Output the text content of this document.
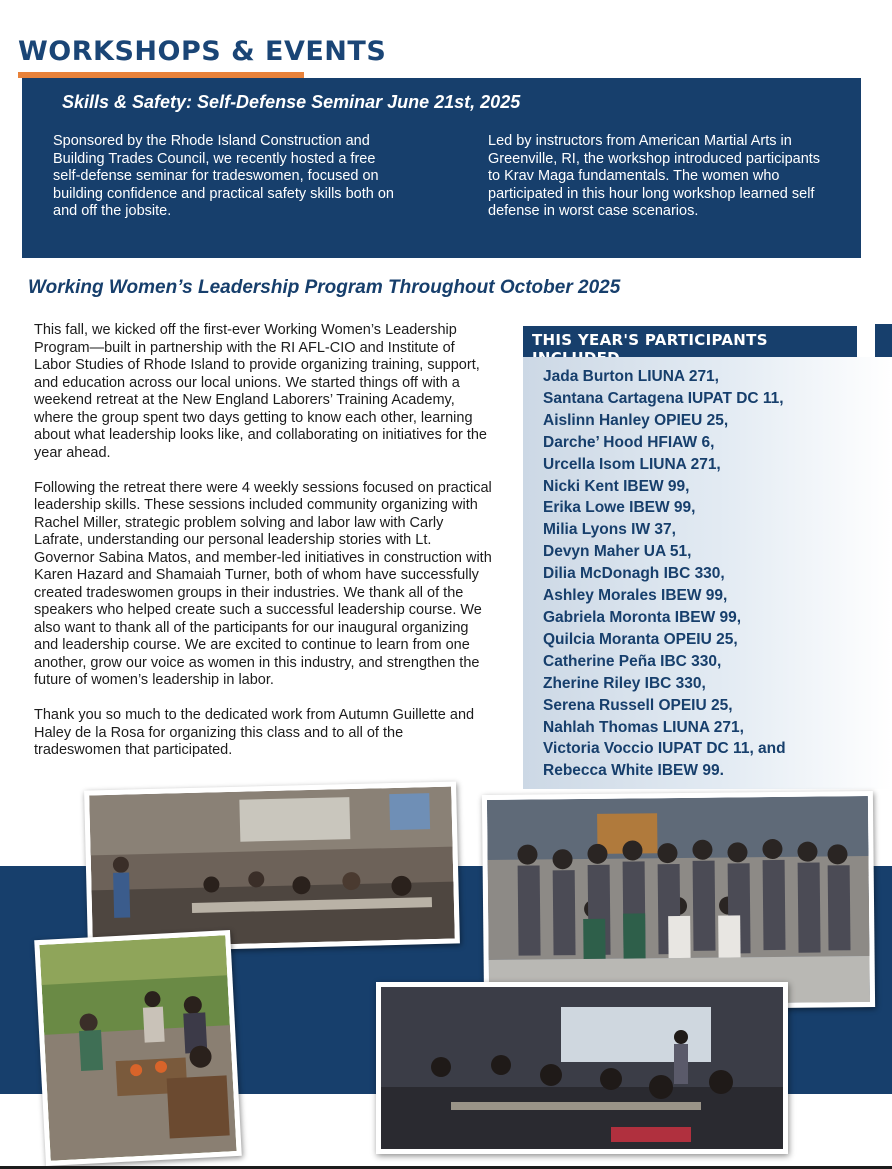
WORKSHOPS & EVENTS
Skills & Safety: Self-Defense Seminar June 21st, 2025
Sponsored by the Rhode Island Construction and Building Trades Council, we recently hosted a free self-defense seminar for tradeswomen, focused on building confidence and practical safety skills both on and off the jobsite.
Led by instructors from American Martial Arts in Greenville, RI, the workshop introduced participants to Krav Maga fundamentals. The women who participated in this hour long workshop learned self defense in worst case scenarios.
Working Women’s Leadership Program Throughout October 2025

This fall, we kicked off the first-ever Working Women’s Leadership Program—built in partnership with the RI AFL-CIO and Institute of Labor Studies of Rhode Island to provide organizing training, support, and education across our local unions. We started things off with a weekend retreat at the New England Laborers’ Training Academy, where the group spent two days getting to know each other, learning about what leadership looks like, and collaborating on initiatives for the year ahead.

Following the retreat there were 4 weekly sessions focused on practical leadership skills. These sessions included community organizing with Rachel Miller, strategic problem solving and labor law with Carly Lafrate, understanding our personal leadership stories with Lt. Governor Sabina Matos, and member-led initiatives in construction with Karen Hazard and Shamaiah Turner, both of whom have successfully created tradeswomen groups in their industries. We thank all of the speakers who helped create such a successful leadership course. We also want to thank all of the participants for our inaugural organizing and leadership course. We are excited to continue to learn from one another, grow our voice as women in this industry, and strengthen the future of women’s leadership in labor.

Thank you so much to the dedicated work from Autumn Guillette and Haley de la Rosa for organizing this class and to all of the tradeswomen that participated.

THIS YEAR'S PARTICIPANTS
Jada Burton LIUNA 271,
Santana Cartagena IUPAT DC 11,
Aislinn Hanley OPIEU 25,
Darche’ Hood HFIAW 6,
Urcella Isom LIUNA 271,
Nicki Kent IBEW 99,
Erika Lowe IBEW 99,
Milia Lyons IW 37,
Devyn Maher UA 51,
Dilia McDonagh IBC 330,
Ashley Morales IBEW 99,
Gabriela Moronta IBEW 99,
Quilcia Moranta OPEIU 25,
Catherine Peña IBC 330,
Zherine Riley IBC 330,
Serena Russell OPEIU 25,
Nahlah Thomas LIUNA 271,
Victoria Voccio IUPAT DC 11, and
Rebecca White IBEW 99.
